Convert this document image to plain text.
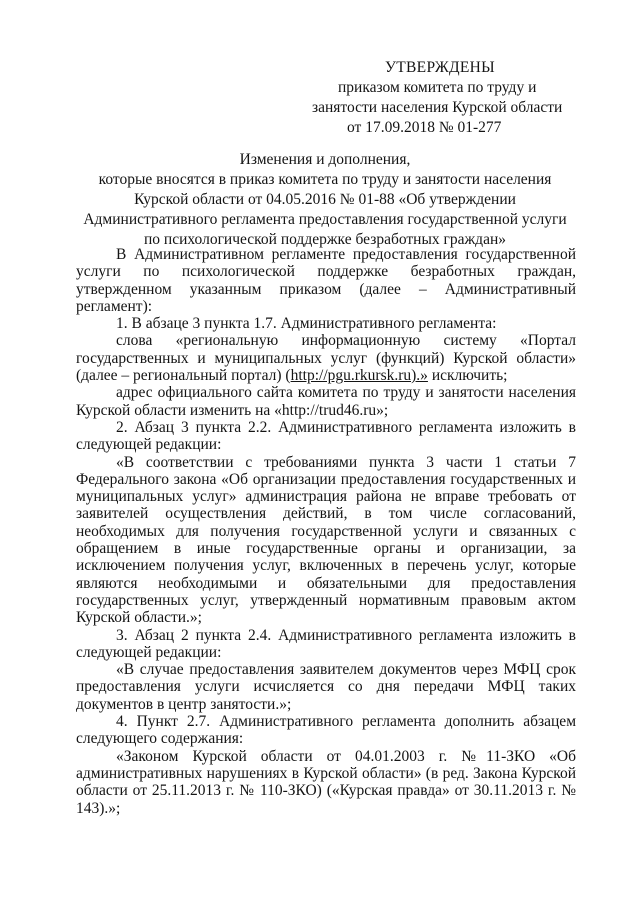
УТВЕРЖДЕНЫ
приказом комитета по труду и
занятости населения Курской области
от 17.09.2018 № 01-277
Изменения и дополнения,
которые вносятся в приказ комитета по труду и занятости населения
Курской области от 04.05.2016 № 01-88 «Об утверждении
Административного регламента предоставления государственной услуги
по психологической поддержке безработных граждан»

В Административном регламенте предоставления государственной услуги по психологической поддержке безработных граждан, утвержденном указанным приказом (далее – Административный регламент):

1. В абзаце 3 пункта 1.7. Административного регламента:

слова «региональную информационную систему «Портал государственных и муниципальных услуг (функций) Курской области» (далее – региональный портал) (http://pgu.rkursk.ru).» исключить;

адрес официального сайта комитета по труду и занятости населения Курской области изменить на «http://trud46.ru»;

2. Абзац 3 пункта 2.2. Административного регламента изложить в следующей редакции:

«В соответствии с требованиями пункта 3 части 1 статьи 7 Федерального закона «Об организации предоставления государственных и муниципальных услуг» администрация района не вправе требовать от заявителей осуществления действий, в том числе согласований, необходимых для получения государственной услуги и связанных с обращением в иные государственные органы и организации, за исключением получения услуг, включенных в перечень услуг, которые являются необходимыми и обязательными для предоставления государственных услуг, утвержденный нормативным правовым актом Курской области.»;

3. Абзац 2 пункта 2.4. Административного регламента изложить в следующей редакции:

«В случае предоставления заявителем документов через МФЦ срок предоставления услуги исчисляется со дня передачи МФЦ таких документов в центр занятости.»;

4. Пункт 2.7. Административного регламента дополнить абзацем следующего содержания:

«Законом Курской области от 04.01.2003 г. №11-ЗКО «Об административных нарушениях в Курской области» (в ред. Закона Курской области от 25.11.2013 г. № 110-ЗКО) («Курская правда» от 30.11.2013 г. № 143).»;
